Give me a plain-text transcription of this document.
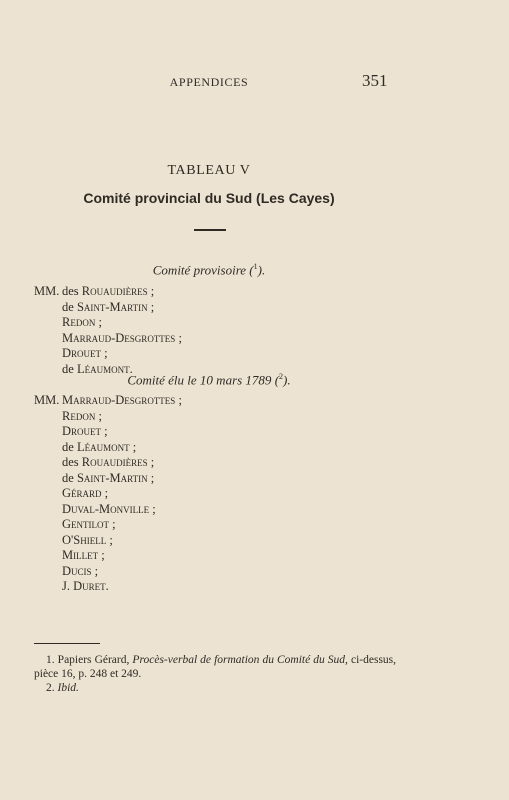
APPENDICES	351
TABLEAU V
Comité provincial du Sud (Les Cayes)
Comité provisoire ($^1$).
MM. des Rouaudières ;
de Saint-Martin ;
Redon ;
Marraud-Desgrottes ;
Drouet ;
de Léaumont.
Comité élu le 10 mars 1789 ($^2$).
MM. Marraud-Desgrottes ;
Redon ;
Drouet ;
de Léaumont ;
des Rouaudières ;
de Saint-Martin ;
Gérard ;
Duval-Monville ;
Gentilot ;
O'Shiell ;
Millet ;
Ducis ;
J. Duret.
1. Papiers Gérard, Procès-verbal de formation du Comité du Sud, ci-dessus, pièce 16, p. 248 et 249.
2. Ibid.
